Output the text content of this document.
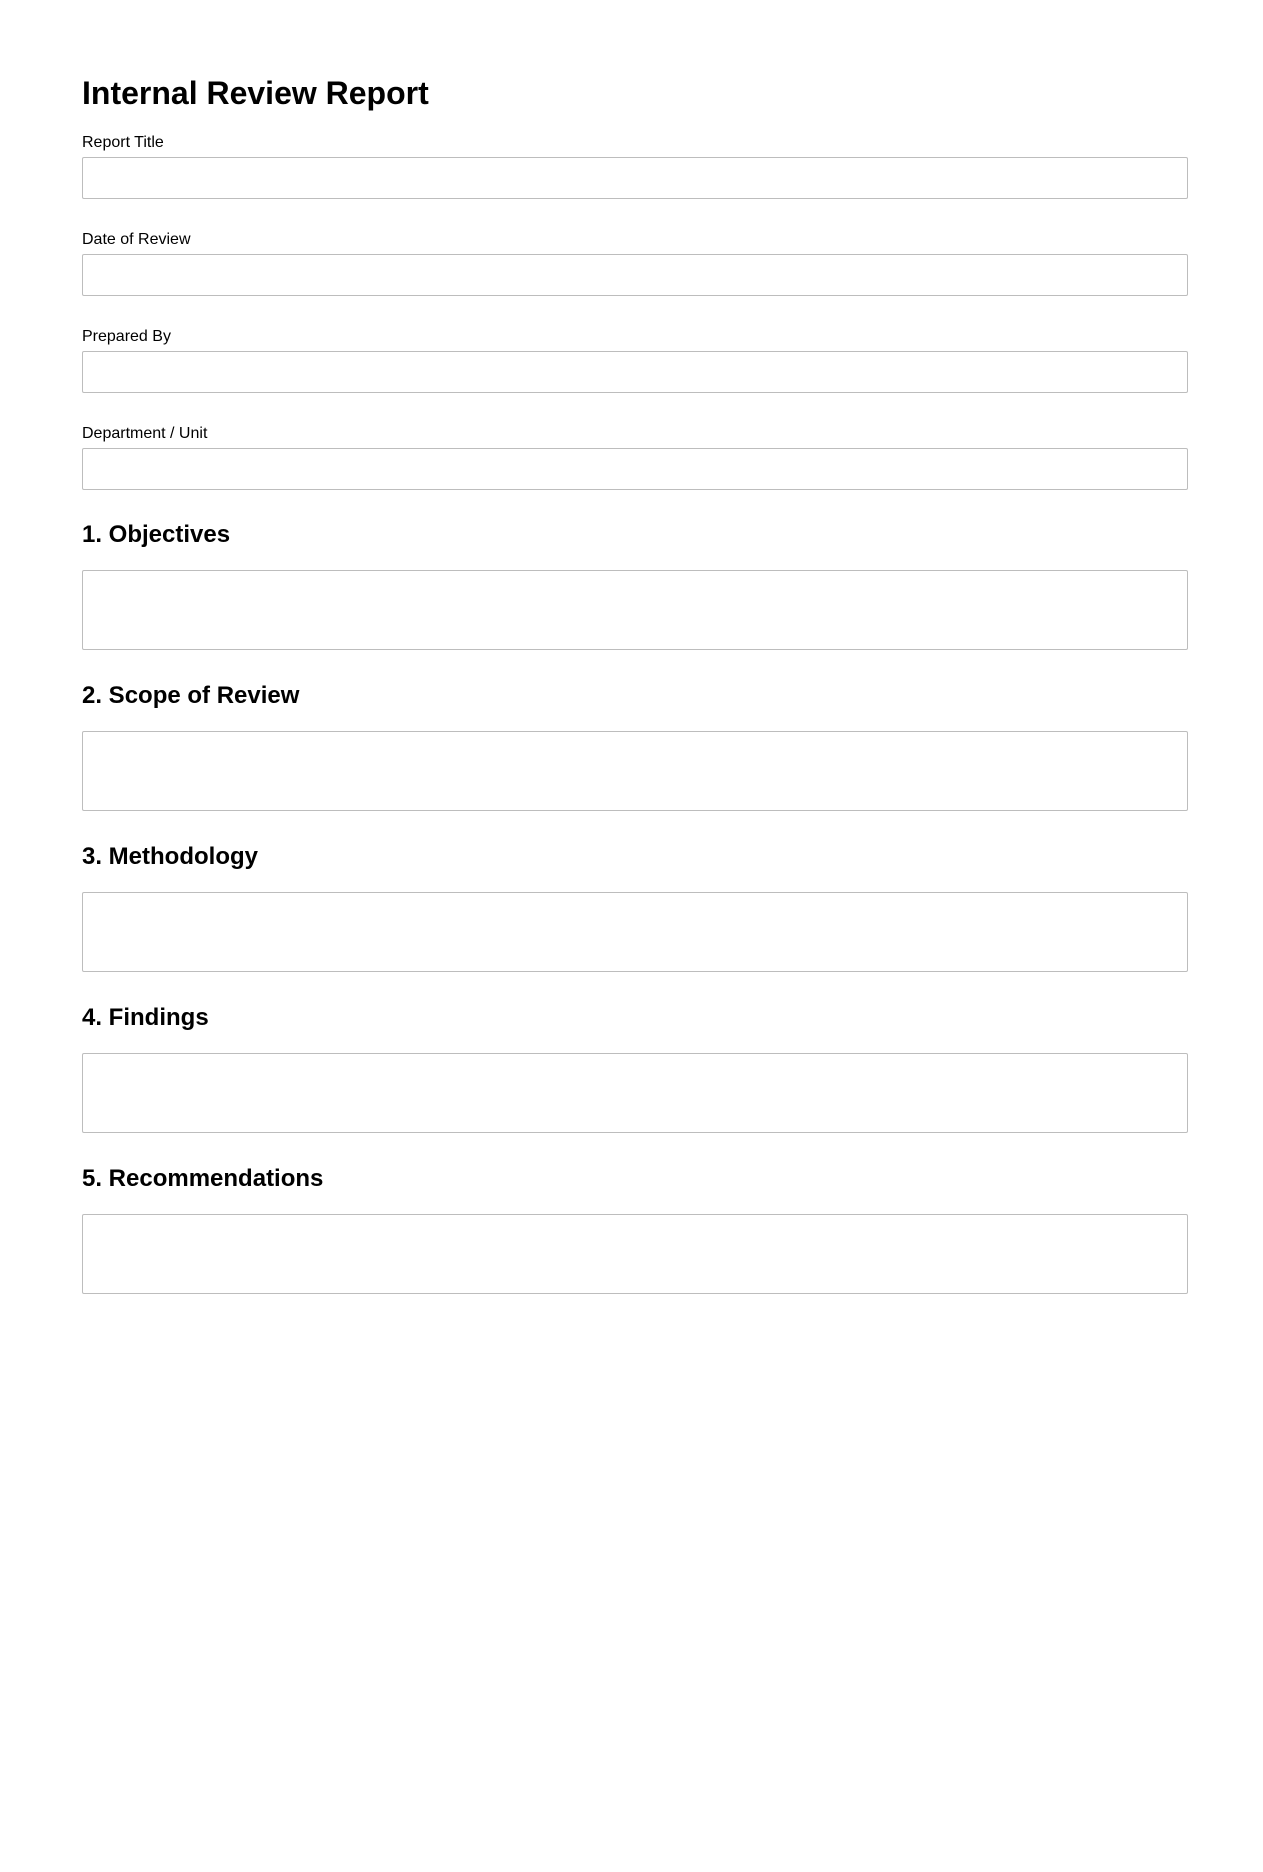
Internal Review Report
Report Title
Date of Review
Prepared By
Department / Unit
1. Objectives
2. Scope of Review
3. Methodology
4. Findings
5. Recommendations
